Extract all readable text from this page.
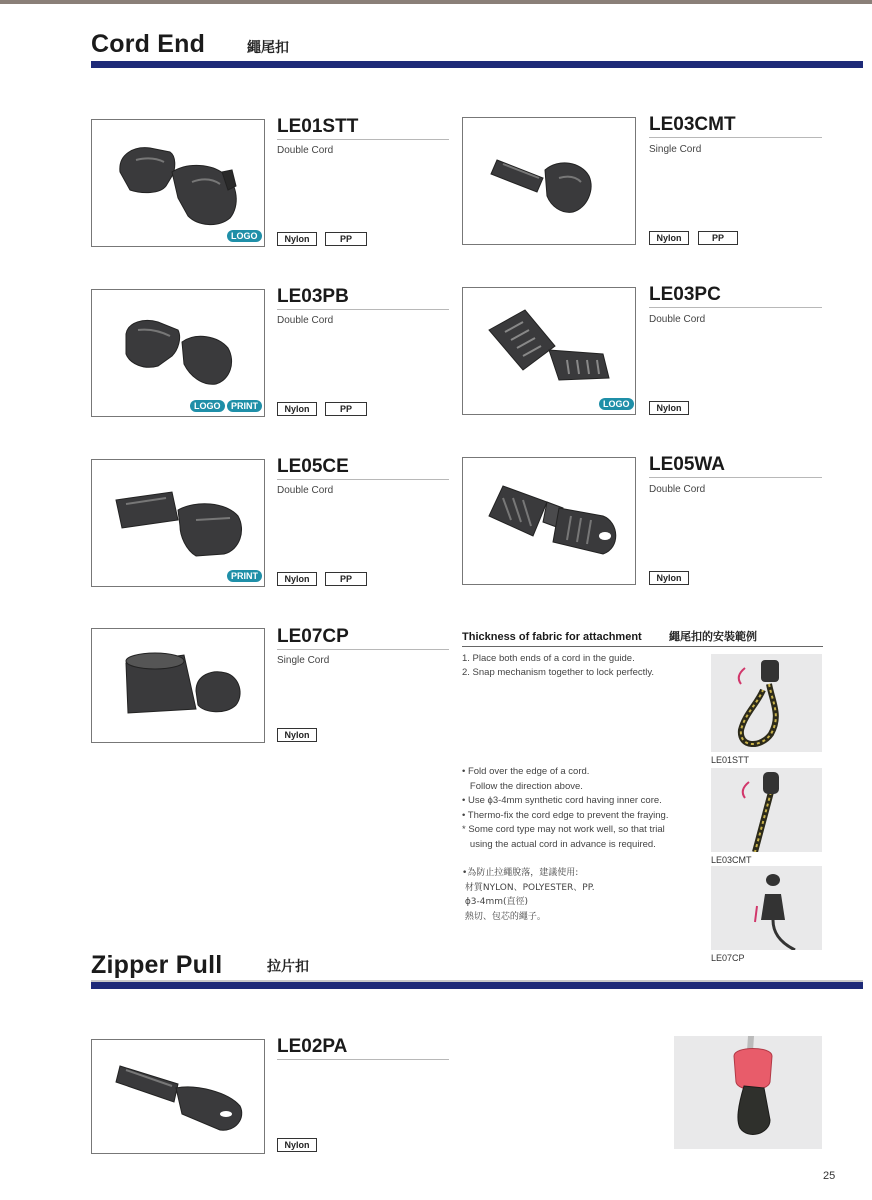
Cord End	繩尾扣
LOGO
LE01STT
Double Cord
Nylon	PP
LE03CMT
Single Cord
Nylon	PP
LOGO	PRINT
LE03PB
Double Cord
Nylon	PP	LOGO
LE03PC
Double Cord
Nylon
PRINT
LE05CE
Double Cord
Nylon	PP
LE05WA
Double Cord
Nylon
LE07CP
Single Cord
Nylon
Thickness of fabric for attachment 繩尾扣的安裝範例
1. Place both ends of a cord in the guide.
2. Snap mechanism together to lock perfectly.
• Fold over the edge of a cord.
Follow the direction above.
• Use ϕ3-4mm synthetic cord having inner core.
• Thermo-fix the cord edge to prevent the fraying.
* Some cord type may not work well, so that trial
using the actual cord in advance is required.
•為防止拉繩脫落，建議使用:
材質NYLON、POLYESTER、PP.
ϕ3-4mm(直徑)
熱切、包芯的繩子。
LE01STT
LE03CMT
LE07CP
Zipper Pull	拉片扣
LE02PA
Nylon
25
